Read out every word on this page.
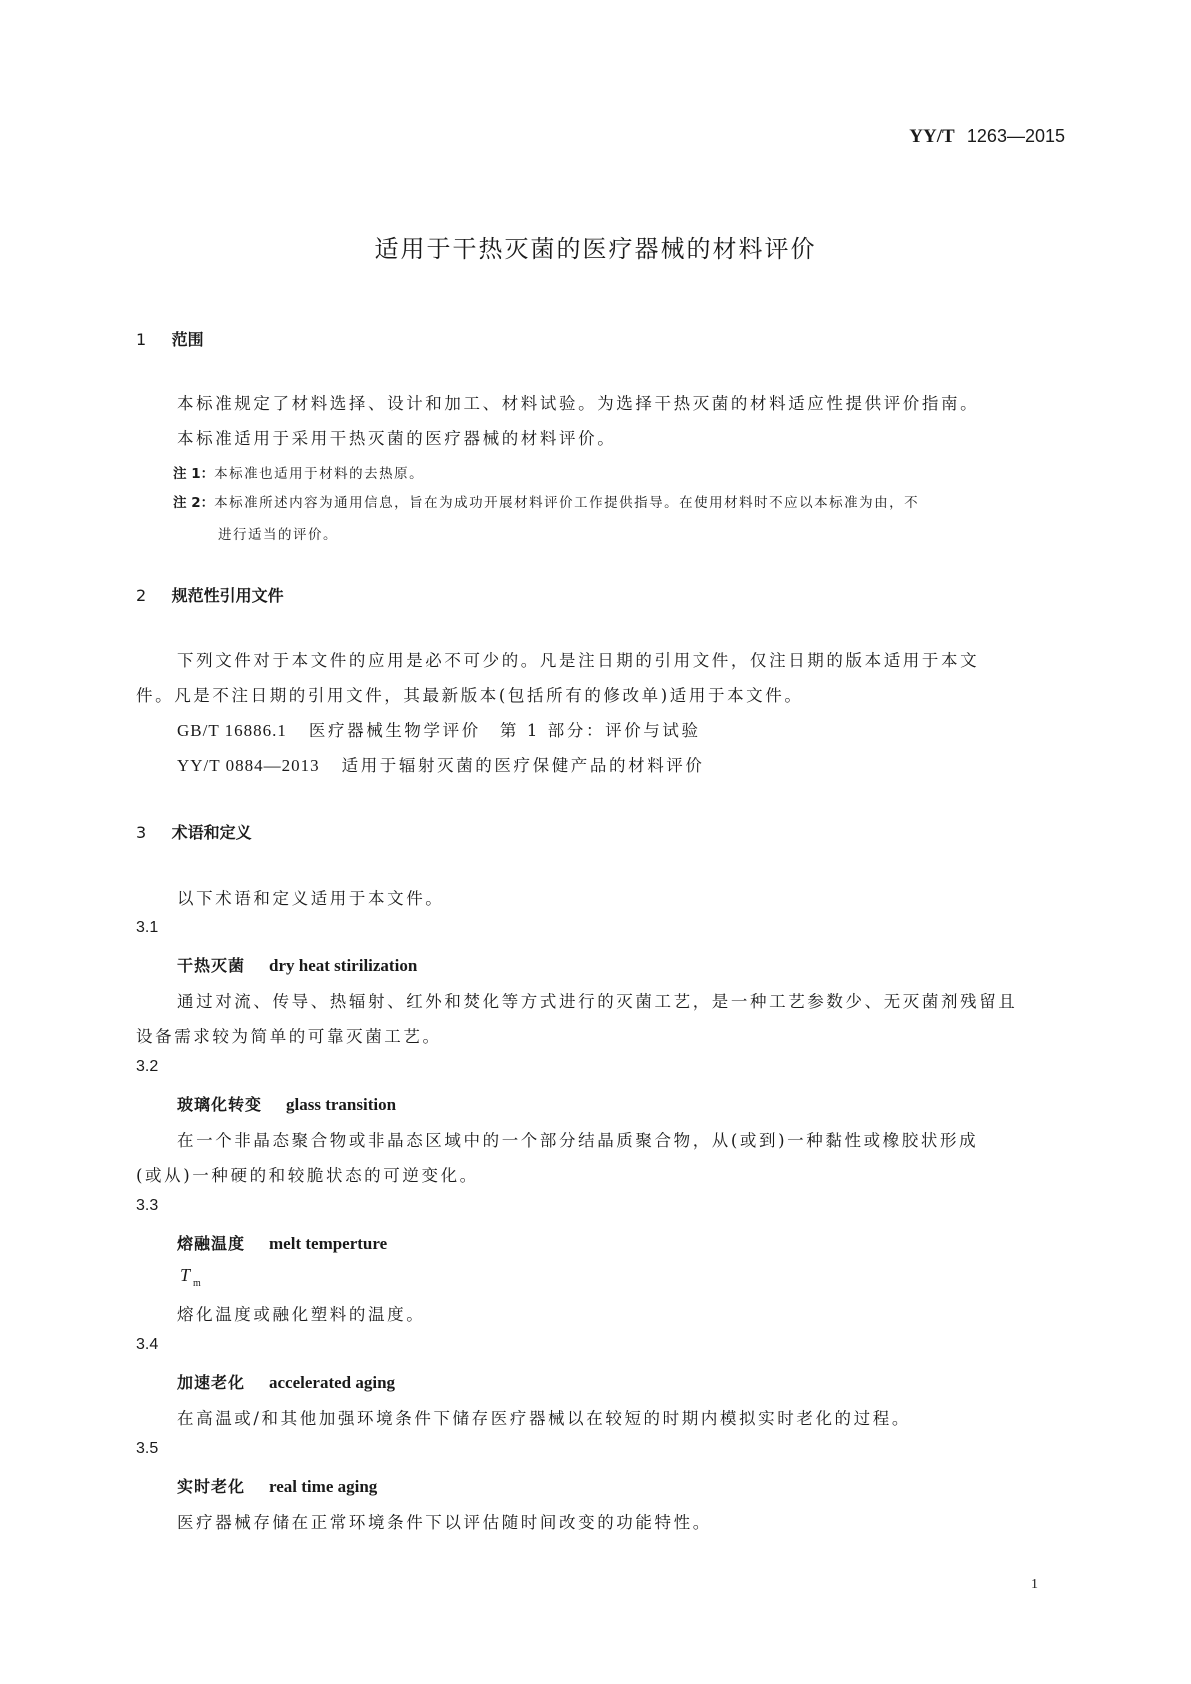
YY/T 1263—2015
适用于干热灭菌的医疗器械的材料评价
1 范围
本标准规定了材料选择、设计和加工、材料试验。为选择干热灭菌的材料适应性提供评价指南。
本标准适用于采用干热灭菌的医疗器械的材料评价。
注 1：本标准也适用于材料的去热原。
注 2：本标准所述内容为通用信息，旨在为成功开展材料评价工作提供指导。在使用材料时不应以本标准为由，不
进行适当的评价。
2 规范性引用文件
下列文件对于本文件的应用是必不可少的。凡是注日期的引用文件，仅注日期的版本适用于本文
件。凡是不注日期的引用文件，其最新版本(包括所有的修改单)适用于本文件。
GB/T 16886.1 医疗器械生物学评价　第 1 部分：评价与试验
YY/T 0884—2013 适用于辐射灭菌的医疗保健产品的材料评价
3 术语和定义
以下术语和定义适用于本文件。
3.1
干热灭菌 dry heat stirilization
通过对流、传导、热辐射、红外和焚化等方式进行的灭菌工艺，是一种工艺参数少、无灭菌剂残留且
设备需求较为简单的可靠灭菌工艺。
3.2
玻璃化转变 glass transition
在一个非晶态聚合物或非晶态区域中的一个部分结晶质聚合物，从(或到)一种黏性或橡胶状形成
(或从)一种硬的和较脆状态的可逆变化。
3.3
熔融温度 melt temperture
T $_m$
熔化温度或融化塑料的温度。
3.4
加速老化 accelerated aging
在高温或/和其他加强环境条件下储存医疗器械以在较短的时期内模拟实时老化的过程。
3.5
实时老化 real time aging
医疗器械存储在正常环境条件下以评估随时间改变的功能特性。
1
